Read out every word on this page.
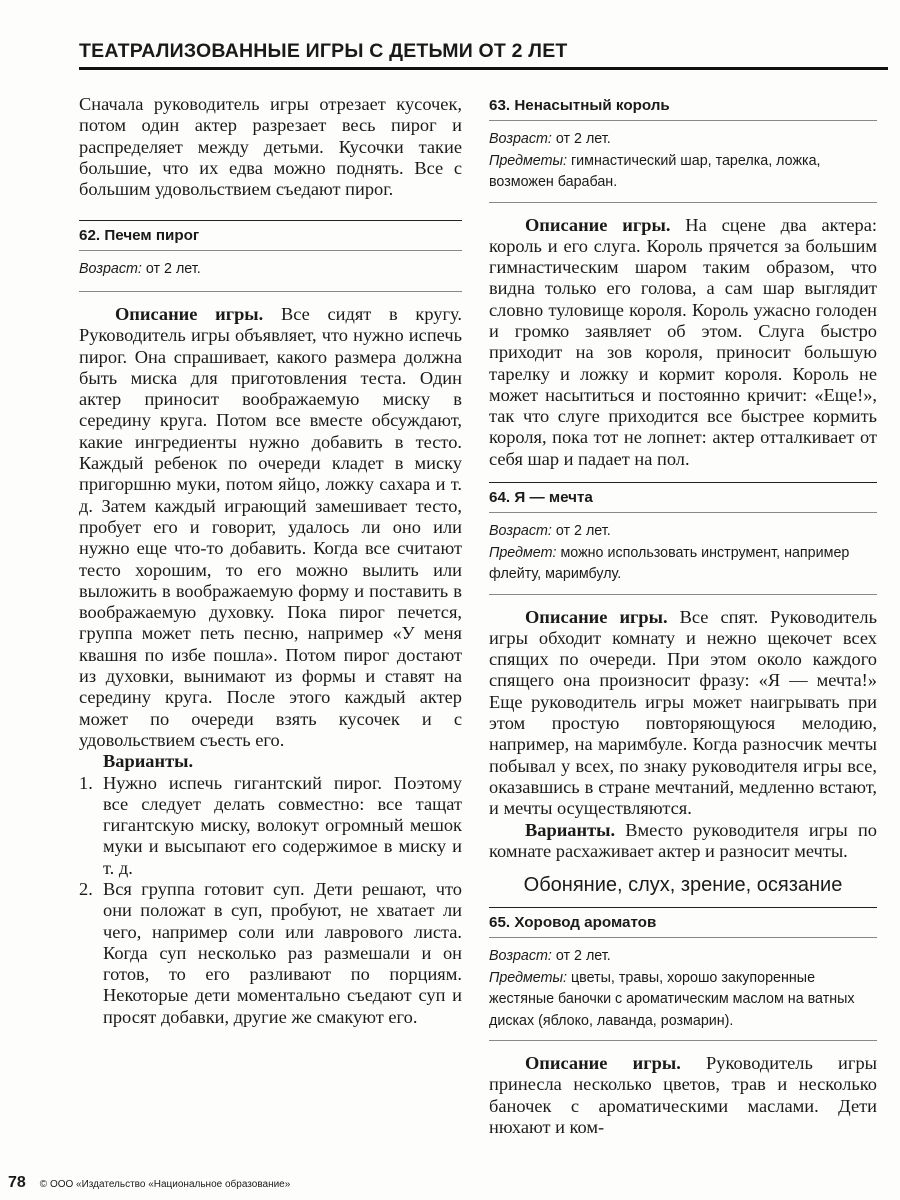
ТЕАТРАЛИЗОВАННЫЕ ИГРЫ С ДЕТЬМИ ОТ 2 ЛЕТ

Сначала руководитель игры отрезает кусочек, потом один актер разрезает весь пирог и распределяет между детьми. Кусочки такие большие, что их едва можно поднять. Все с большим удовольствием съедают пирог.

62. Печем пирог
Возраст: от 2 лет.

Описание игры. Все сидят в кругу. Руководитель игры объявляет, что нужно испечь пирог. Она спрашивает, какого размера должна быть миска для приготовления теста. Один актер приносит воображаемую миску в середину круга. Потом все вместе обсуждают, какие ингредиенты нужно добавить в тесто. Каждый ребенок по очереди кладет в миску пригоршню муки, потом яйцо, ложку сахара и т. д. Затем каждый играющий замешивает тесто, пробует его и говорит, удалось ли оно или нужно еще что-то добавить. Когда все считают тесто хорошим, то его можно вылить или выложить в воображаемую форму и поставить в воображаемую духовку. Пока пирог печется, группа может петь песню, например «У меня квашня по избе пошла». Потом пирог достают из духовки, вынимают из формы и ставят на середину круга. После этого каждый актер может по очереди взять кусочек и с удовольствием съесть его.

Варианты.
1. Нужно испечь гигантский пирог. Поэтому все следует делать совместно: все тащат гигантскую миску, волокут огромный мешок муки и высыпают его содержимое в миску и т. д.
2. Вся группа готовит суп. Дети решают, что они положат в суп, пробуют, не хватает ли чего, например соли или лаврового листа. Когда суп несколько раз размешали и он готов, то его разливают по порциям. Некоторые дети моментально съедают суп и просят добавки, другие же смакуют его.
63. Ненасытный король
Возраст: от 2 лет.
Предметы: гимнастический шар, тарелка, ложка, возможен барабан.

Описание игры. На сцене два актера: король и его слуга. Король прячется за большим гимнастическим шаром таким образом, что видна только его голова, а сам шар выглядит словно туловище короля. Король ужасно голоден и громко заявляет об этом. Слуга быстро приходит на зов короля, приносит большую тарелку и ложку и кормит короля. Король не может насытиться и постоянно кричит: «Еще!», так что слуге приходится все быстрее кормить короля, пока тот не лопнет: актер отталкивает от себя шар и падает на пол.

64. Я — мечта
Возраст: от 2 лет.
Предмет: можно использовать инструмент, например флейту, маримбулу.

Описание игры. Все спят. Руководитель игры обходит комнату и нежно щекочет всех спящих по очереди. При этом около каждого спящего она произносит фразу: «Я — мечта!» Еще руководитель игры может наигрывать при этом простую повторяющуюся мелодию, например, на маримбуле. Когда разносчик мечты побывал у всех, по знаку руководителя игры все, оказавшись в стране мечтаний, медленно встают, и мечты осуществляются.

Варианты. Вместо руководителя игры по комнате расхаживает актер и разносит мечты.

Обоняние, слух, зрение, осязание
65. Хоровод ароматов
Возраст: от 2 лет.
Предметы: цветы, травы, хорошо закупоренные жестяные баночки с ароматическим маслом на ватных дисках (яблоко, лаванда, розмарин).

Описание игры. Руководитель игры принесла несколько цветов, трав и несколько баночек с ароматическими маслами. Дети нюхают и ком-

78 © ООО «Издательство «Национальное образование»
